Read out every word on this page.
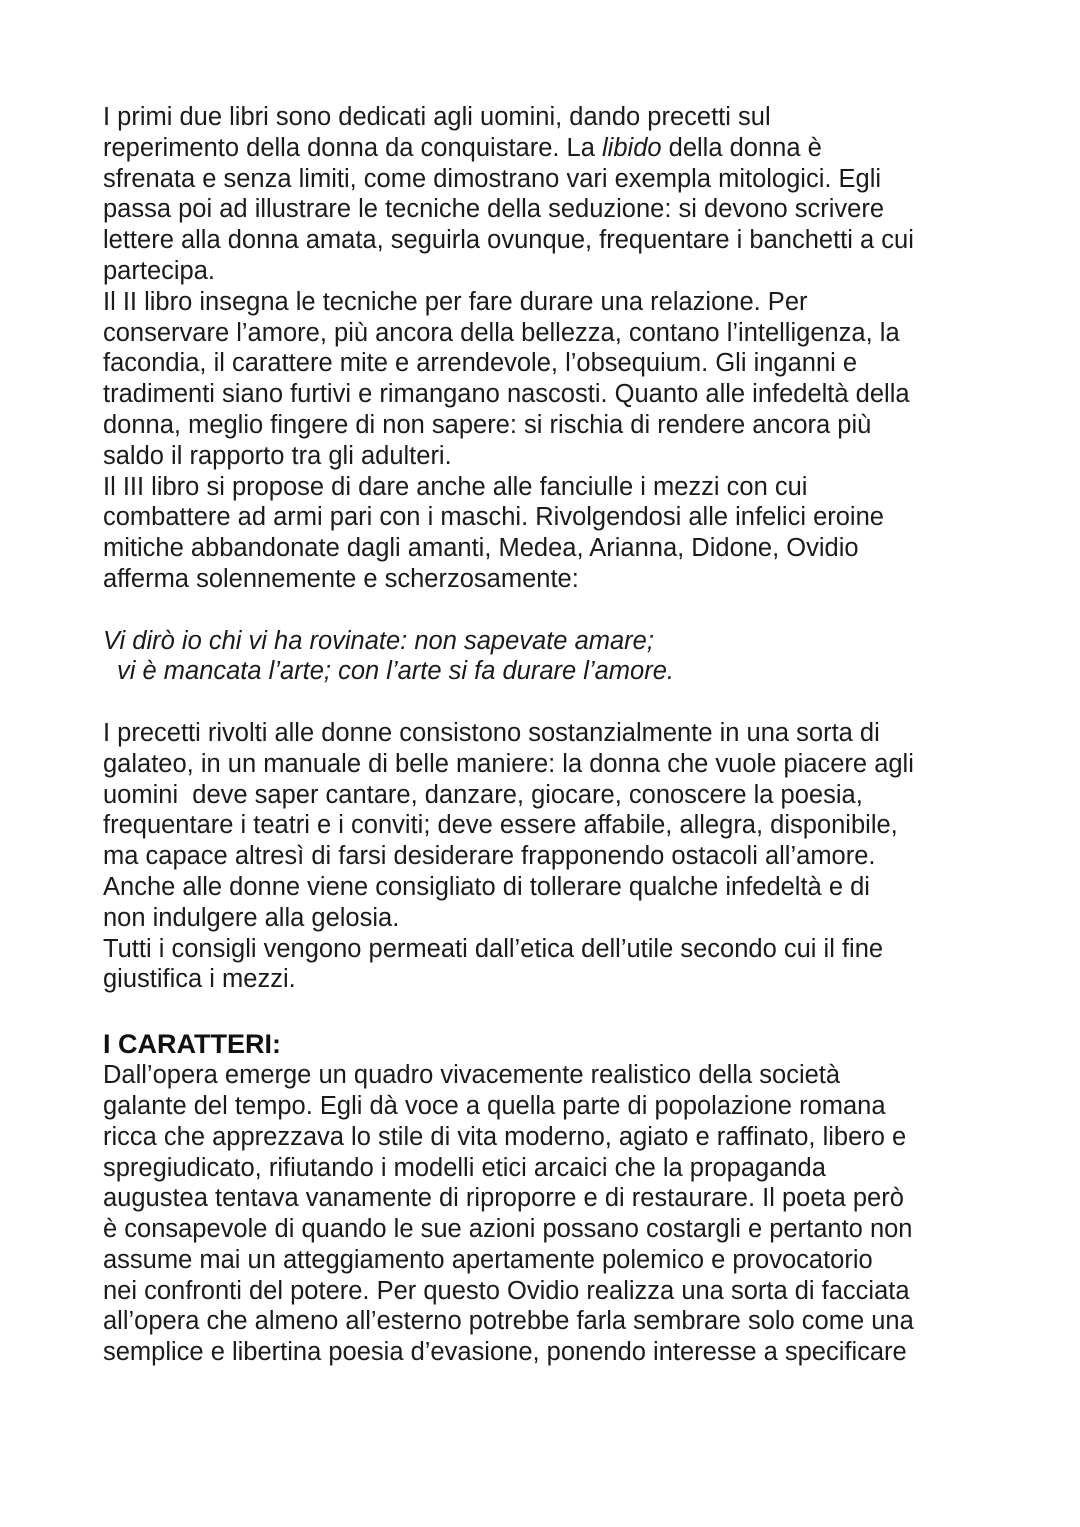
I primi due libri sono dedicati agli uomini, dando precetti sul
reperimento della donna da conquistare. La libido della donna è
sfrenata e senza limiti, come dimostrano vari exempla mitologici. Egli
passa poi ad illustrare le tecniche della seduzione: si devono scrivere
lettere alla donna amata, seguirla ovunque, frequentare i banchetti a cui
partecipa.
Il II libro insegna le tecniche per fare durare una relazione. Per
conservare l’amore, più ancora della bellezza, contano l’intelligenza, la
facondia, il carattere mite e arrendevole, l’obsequium. Gli inganni e
tradimenti siano furtivi e rimangano nascosti. Quanto alle infedeltà della
donna, meglio fingere di non sapere: si rischia di rendere ancora più
saldo il rapporto tra gli adulteri.
Il III libro si propose di dare anche alle fanciulle i mezzi con cui
combattere ad armi pari con i maschi. Rivolgendosi alle infelici eroine
mitiche abbandonate dagli amanti, Medea, Arianna, Didone, Ovidio
afferma solennemente e scherzosamente:
Vi dirò io chi vi ha rovinate: non sapevate amare;
vi è mancata l’arte; con l’arte si fa durare l’amore.
I precetti rivolti alle donne consistono sostanzialmente in una sorta di
galateo, in un manuale di belle maniere: la donna che vuole piacere agli
uomini  deve saper cantare, danzare, giocare, conoscere la poesia,
frequentare i teatri e i conviti; deve essere affabile, allegra, disponibile,
ma capace altresì di farsi desiderare frapponendo ostacoli all’amore.
Anche alle donne viene consigliato di tollerare qualche infedeltà e di
non indulgere alla gelosia.
Tutti i consigli vengono permeati dall’etica dell’utile secondo cui il fine
giustifica i mezzi.
I CARATTERI:
Dall’opera emerge un quadro vivacemente realistico della società
galante del tempo. Egli dà voce a quella parte di popolazione romana
ricca che apprezzava lo stile di vita moderno, agiato e raffinato, libero e
spregiudicato, rifiutando i modelli etici arcaici che la propaganda
augustea tentava vanamente di riproporre e di restaurare. Il poeta però
è consapevole di quando le sue azioni possano costargli e pertanto non
assume mai un atteggiamento apertamente polemico e provocatorio
nei confronti del potere. Per questo Ovidio realizza una sorta di facciata
all’opera che almeno all’esterno potrebbe farla sembrare solo come una
semplice e libertina poesia d’evasione, ponendo interesse a specificare
